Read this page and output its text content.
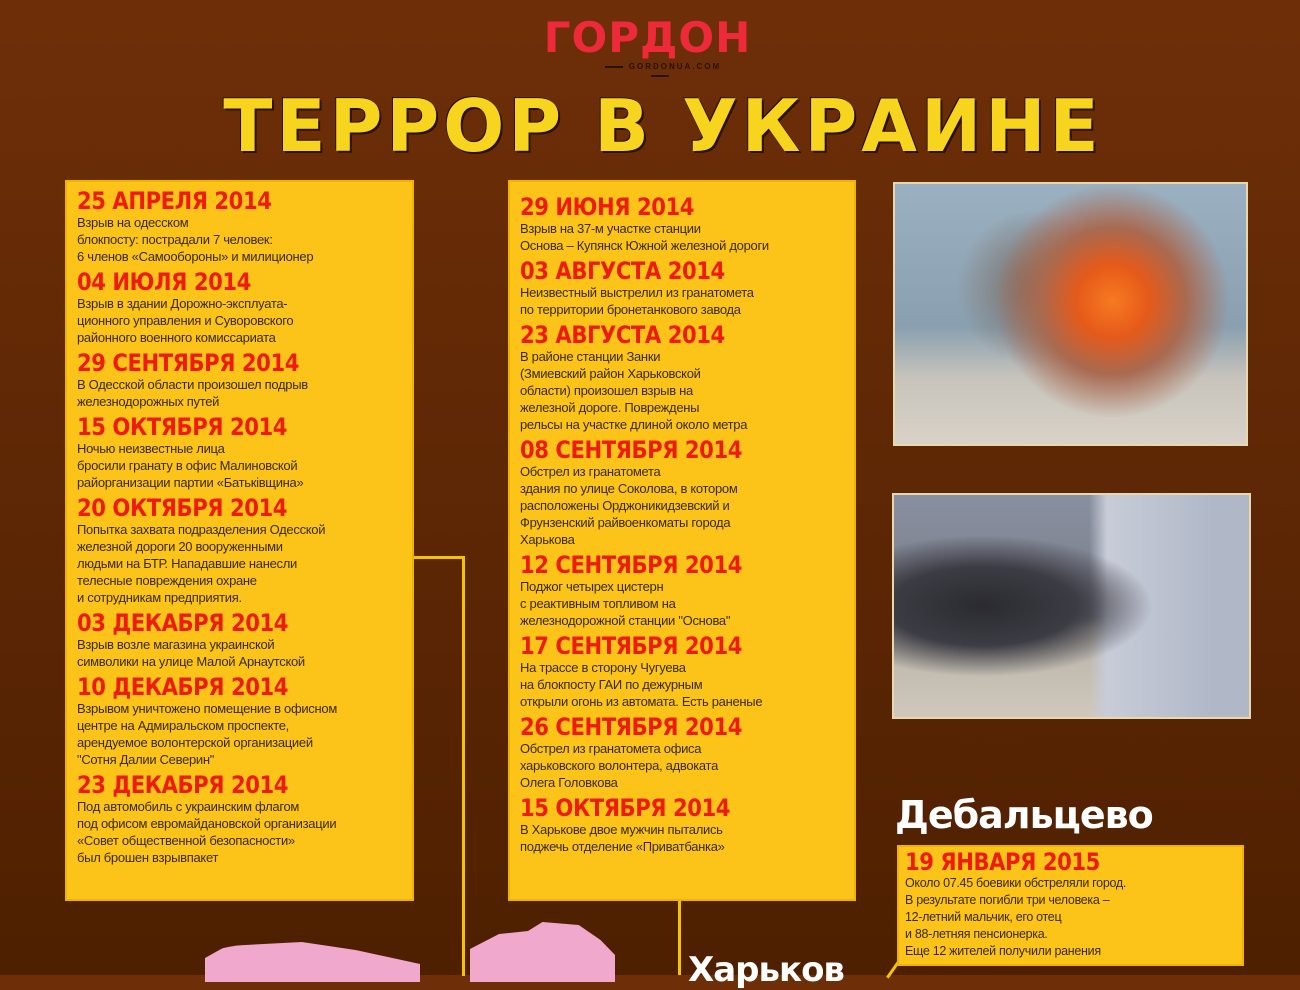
ГОРДОН
GORDONUA.COM
ТЕРРОР В УКРАИНЕ
25 АПРЕЛЯ 2014
Взрыв на одесском
блокпосту: пострадали 7 человек:
6 членов «Самообороны» и милиционер
04 ИЮЛЯ 2014
Взрыв в здании Дорожно-эксплуата-
ционного управления и Суворовского
районного военного комиссариата
29 СЕНТЯБРЯ 2014
В Одесской области произошел подрыв
железнодорожных путей
15 ОКТЯБРЯ 2014
Ночью неизвестные лица
бросили гранату в офис Малиновской
райорганизации партии «Батьківщина»
20 ОКТЯБРЯ 2014
Попытка захвата подразделения Одесской
железной дороги 20 вооруженными
людьми на БТР. Нападавшие нанесли
телесные повреждения охране
и сотрудникам предприятия.
03 ДЕКАБРЯ 2014
Взрыв возле магазина украинской
символики на улице Малой Арнаутской
10 ДЕКАБРЯ 2014
Взрывом уничтожено помещение в офисном
центре на Адмиральском проспекте,
арендуемое волонтерской организацией
"Сотня Далии Северин"
23 ДЕКАБРЯ 2014
Под автомобиль с украинским флагом
под офисом евромайдановской организации
«Совет общественной безопасности»
был брошен взрывпакет
29 ИЮНЯ 2014
Взрыв на 37-м участке станции
Основа – Купянск Южной железной дороги
03 АВГУСТА 2014
Неизвестный выстрелил из гранатомета
по территории бронетанкового завода
23 АВГУСТА 2014
В районе станции Занки
(Змиевский район Харьковской
области) произошел взрыв на
железной дороге. Повреждены
рельсы на участке длиной около метра
08 СЕНТЯБРЯ 2014
Обстрел из гранатомета
здания по улице Соколова, в котором
расположены Орджоникидзевский и
Фрунзенский райвоенкоматы города
Харькова
12 СЕНТЯБРЯ 2014
Поджог четырех цистерн
с реактивным топливом на
железнодорожной станции "Основа"
17 СЕНТЯБРЯ 2014
На трассе в сторону Чугуева
на блокпосту ГАИ по дежурным
открыли огонь из автомата. Есть раненые
26 СЕНТЯБРЯ 2014
Обстрел из гранатомета офиса
харьковского волонтера, адвоката
Олега Головкова
15 ОКТЯБРЯ 2014
В Харькове двое мужчин пытались
поджечь отделение «Приватбанка»
Дебальцево
19 ЯНВАРЯ 2015
Около 07.45 боевики обстреляли город.
В результате погибли три человека –
12-летний мальчик, его отец
и 88-летняя пенсионерка.
Еще 12 жителей получили ранения
Харьков
